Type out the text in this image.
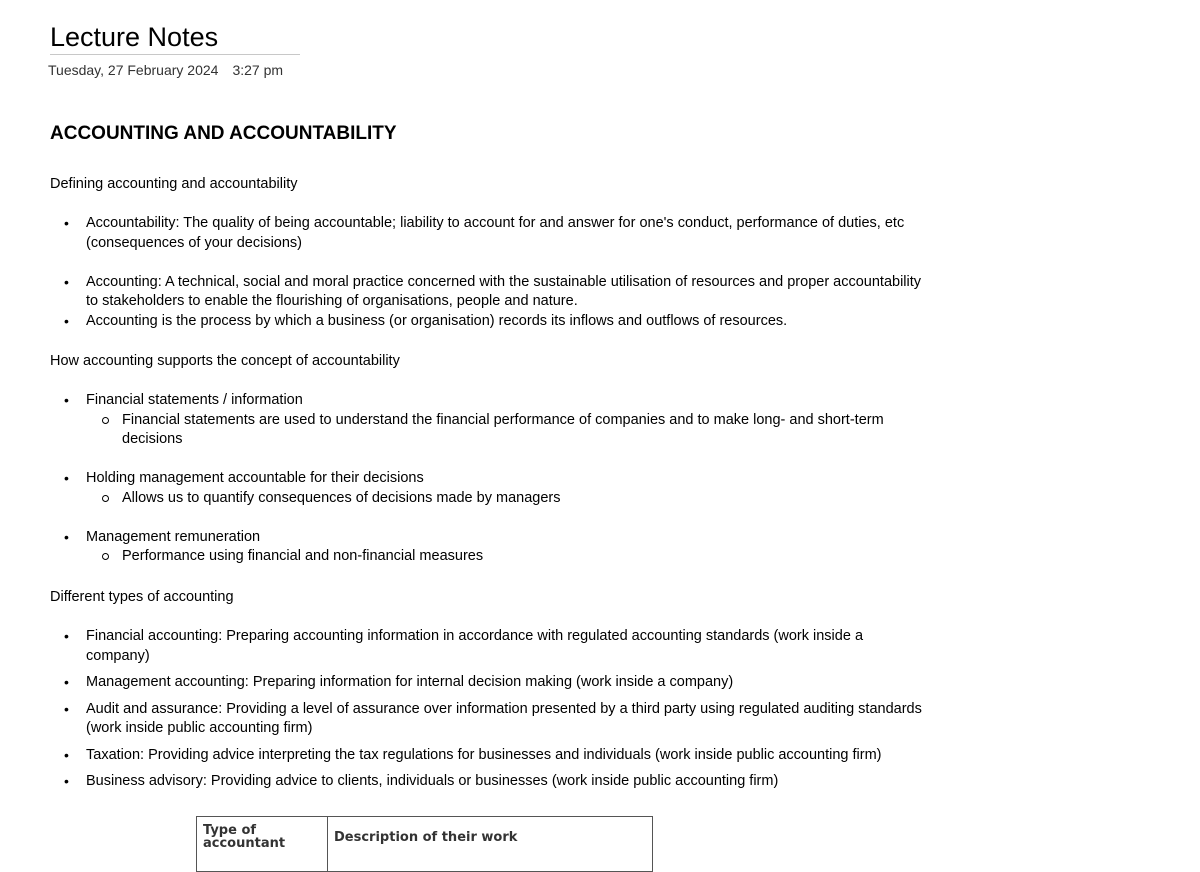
Lecture Notes
Tuesday, 27 February 2024 3:27 pm
ACCOUNTING AND ACCOUNTABILITY
Defining accounting and accountability
• Accountability: The quality of being accountable; liability to account for and answer for one's conduct, performance of duties, etc (consequences of your decisions)
• Accounting: A technical, social and moral practice concerned with the sustainable utilisation of resources and proper accountability to stakeholders to enable the flourishing of organisations, people and nature.
• Accounting is the process by which a business (or organisation) records its inflows and outflows of resources.
How accounting supports the concept of accountability
• Financial statements / information
Financial statements are used to understand the financial performance of companies and to make long- and short-term decisions
• Holding management accountable for their decisions
Allows us to quantify consequences of decisions made by managers
• Management remuneration
Performance using financial and non-financial measures
Different types of accounting
• Financial accounting: Preparing accounting information in accordance with regulated accounting standards (work inside a company)
• Management accounting: Preparing information for internal decision making (work inside a company)
• Audit and assurance: Providing a level of assurance over information presented by a third party using regulated auditing standards (work inside public accounting firm)
• Taxation: Providing advice interpreting the tax regulations for businesses and individuals (work inside public accounting firm)
• Business advisory: Providing advice to clients, individuals or businesses (work inside public accounting firm)
Type of accountant	Description of their work
